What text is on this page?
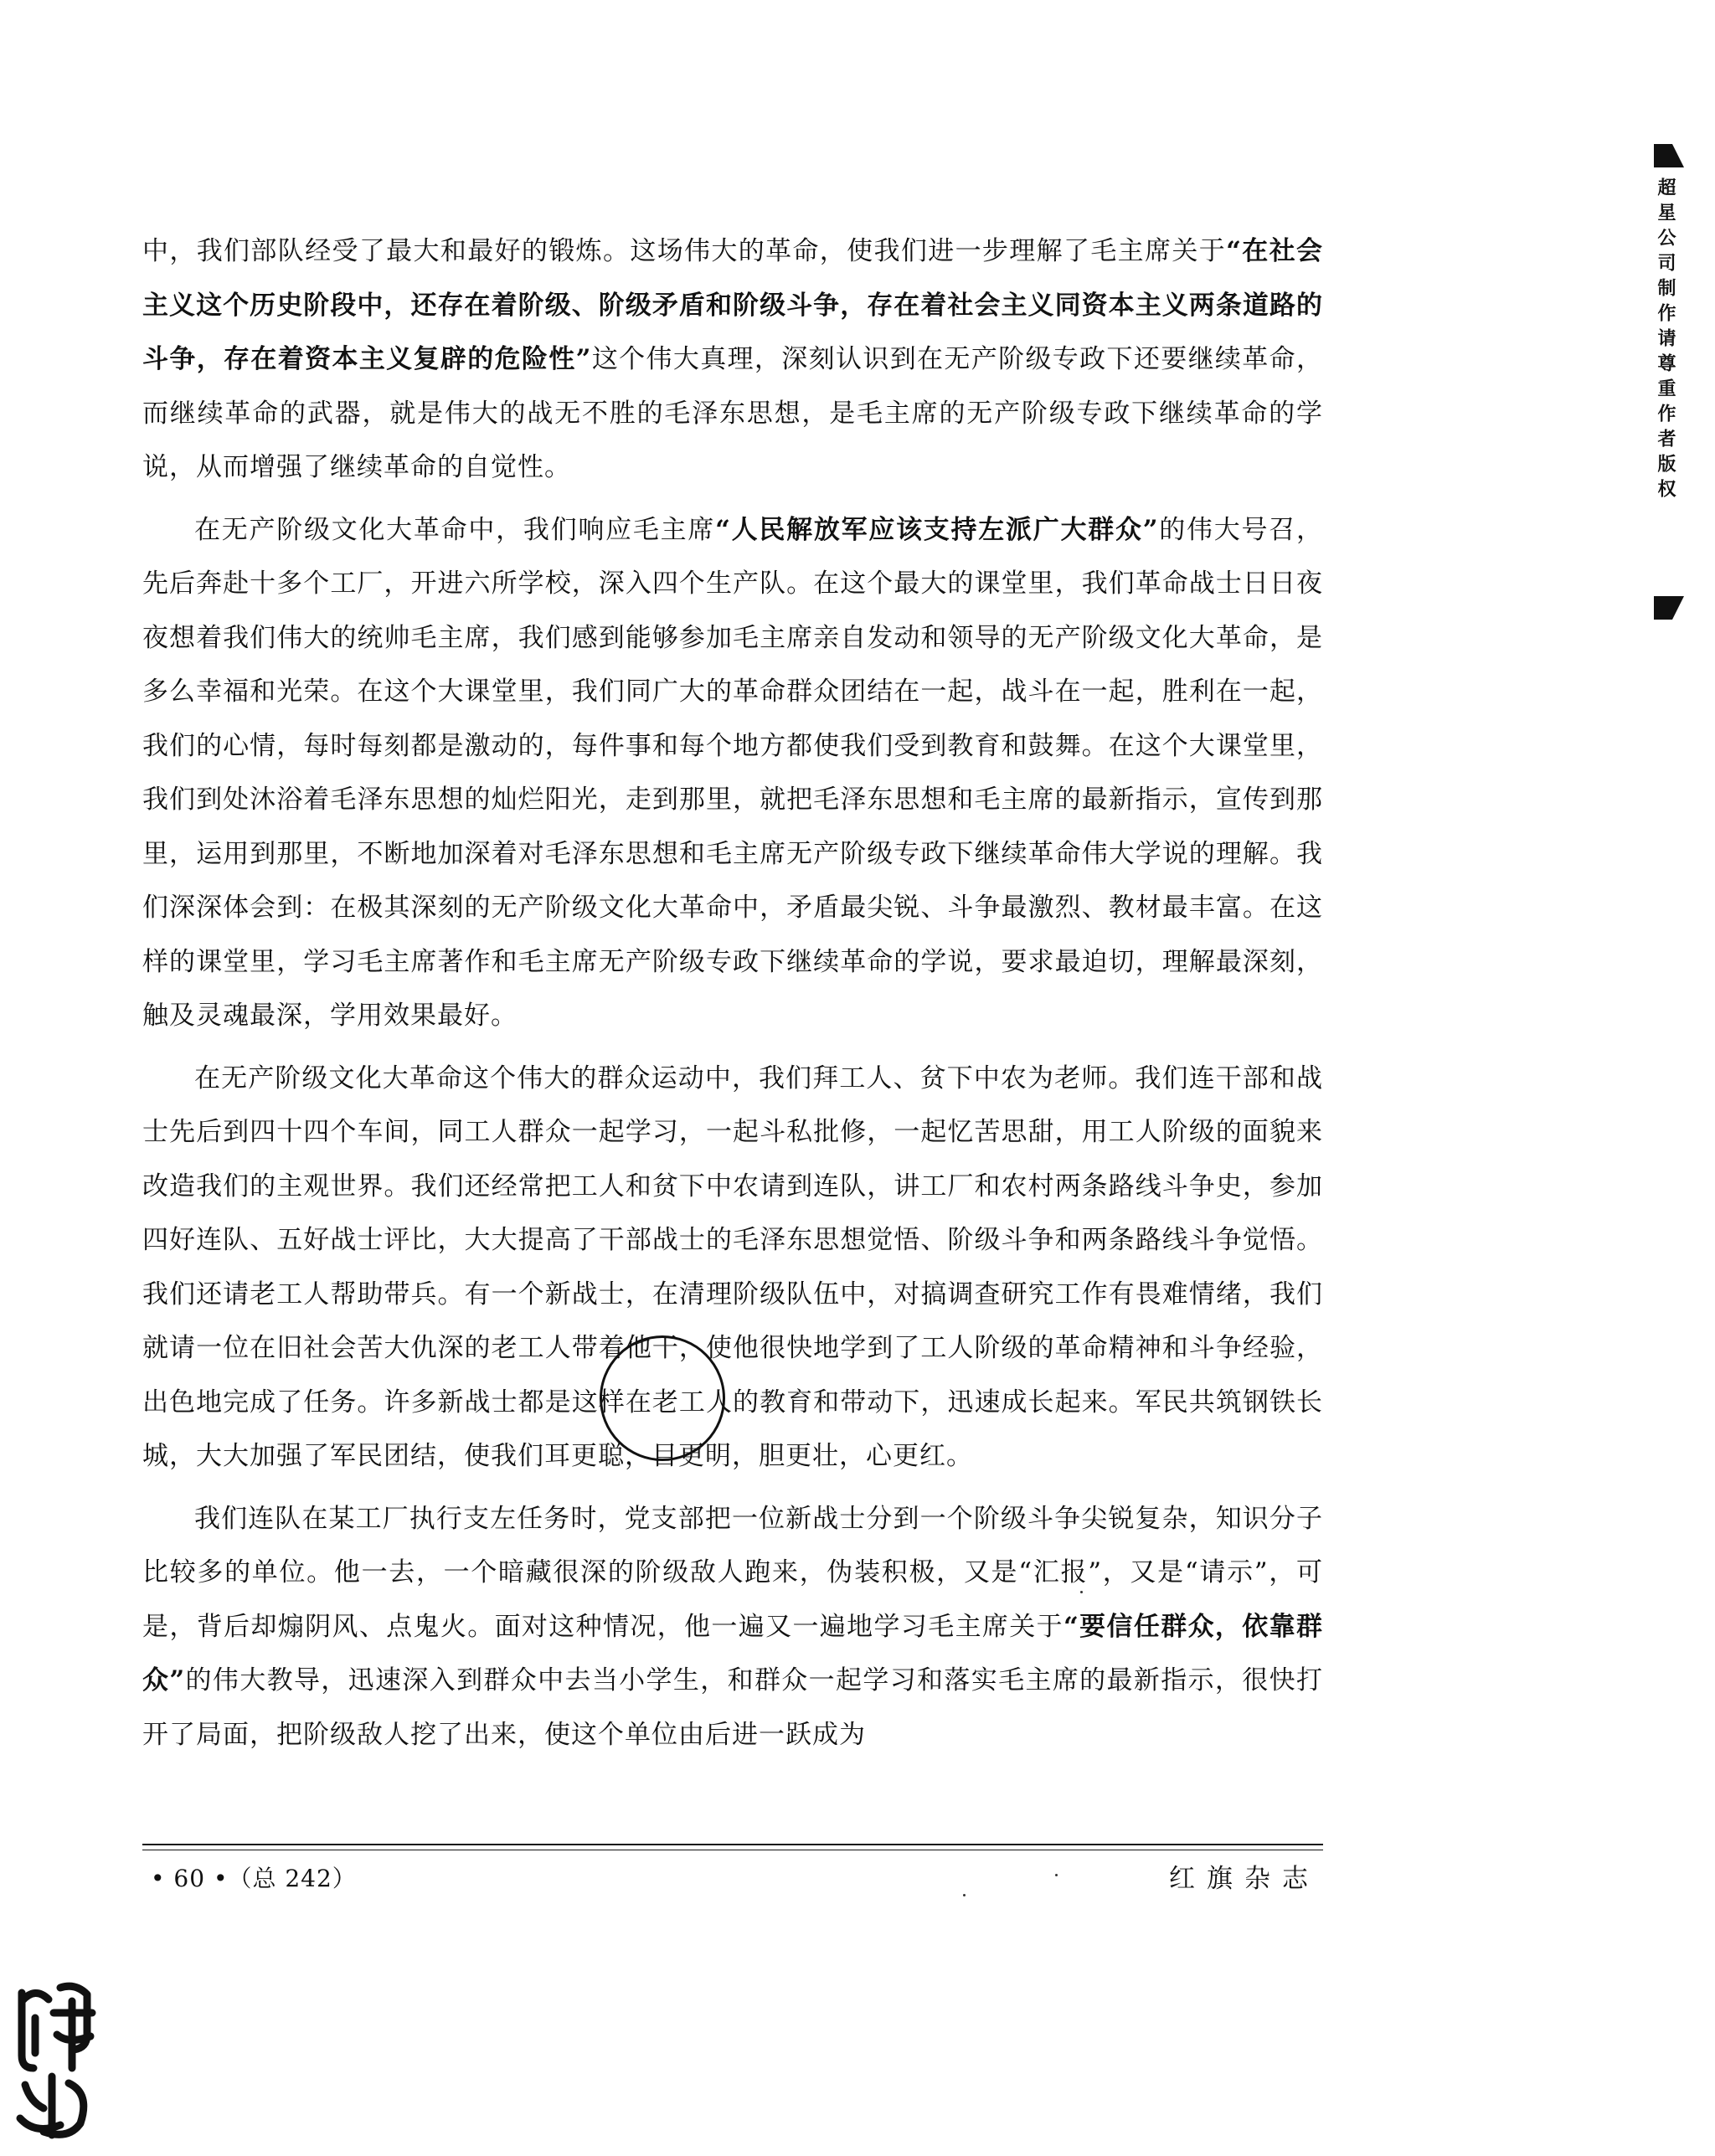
超星公司制作请尊重作者版权

中，我们部队经受了最大和最好的锻炼。这场伟大的革命，使我们进一步理解了毛主席关于“在社会主义这个历史阶段中，还存在着阶级、阶级矛盾和阶级斗争，存在着社会主义同资本主义两条道路的斗争，存在着资本主义复辟的危险性”这个伟大真理，深刻认识到在无产阶级专政下还要继续革命，而继续革命的武器，就是伟大的战无不胜的毛泽东思想，是毛主席的无产阶级专政下继续革命的学说，从而增强了继续革命的自觉性。

在无产阶级文化大革命中，我们响应毛主席“人民解放军应该支持左派广大群众”的伟大号召，先后奔赴十多个工厂，开进六所学校，深入四个生产队。在这个最大的课堂里，我们革命战士日日夜夜想着我们伟大的统帅毛主席，我们感到能够参加毛主席亲自发动和领导的无产阶级文化大革命，是多么幸福和光荣。在这个大课堂里，我们同广大的革命群众团结在一起，战斗在一起，胜利在一起，我们的心情，每时每刻都是激动的，每件事和每个地方都使我们受到教育和鼓舞。在这个大课堂里，我们到处沐浴着毛泽东思想的灿烂阳光，走到那里，就把毛泽东思想和毛主席的最新指示，宣传到那里，运用到那里，不断地加深着对毛泽东思想和毛主席无产阶级专政下继续革命伟大学说的理解。我们深深体会到：在极其深刻的无产阶级文化大革命中，矛盾最尖锐、斗争最激烈、教材最丰富。在这样的课堂里，学习毛主席著作和毛主席无产阶级专政下继续革命的学说，要求最迫切，理解最深刻，触及灵魂最深，学用效果最好。

在无产阶级文化大革命这个伟大的群众运动中，我们拜工人、贫下中农为老师。我们连干部和战士先后到四十四个车间，同工人群众一起学习，一起斗私批修，一起忆苦思甜，用工人阶级的面貌来改造我们的主观世界。我们还经常把工人和贫下中农请到连队，讲工厂和农村两条路线斗争史，参加四好连队、五好战士评比，大大提高了干部战士的毛泽东思想觉悟、阶级斗争和两条路线斗争觉悟。我们还请老工人帮助带兵。有一个新战士，在清理阶级队伍中，对搞调查研究工作有畏难情绪，我们就请一位在旧社会苦大仇深的老工人带着他干，使他很快地学到了工人阶级的革命精神和斗争经验，出色地完成了任务。许多新战士都是这样在老工人的教育和带动下，迅速成长起来。军民共筑钢铁长城，大大加强了军民团结，使我们耳更聪，目更明，胆更壮，心更红。

我们连队在某工厂执行支左任务时，党支部把一位新战士分到一个阶级斗争尖锐复杂，知识分子比较多的单位。他一去，一个暗藏很深的阶级敌人跑来，伪装积极，又是“汇报”，又是“请示”，可是，背后却煽阴风、点鬼火。面对这种情况，他一遍又一遍地学习毛主席关于“要信任群众，依靠群众”的伟大教导，迅速深入到群众中去当小学生，和群众一起学习和落实毛主席的最新指示，很快打开了局面，把阶级敌人挖了出来，使这个单位由后进一跃成为

• 60 •（总 242）	红旗杂志
